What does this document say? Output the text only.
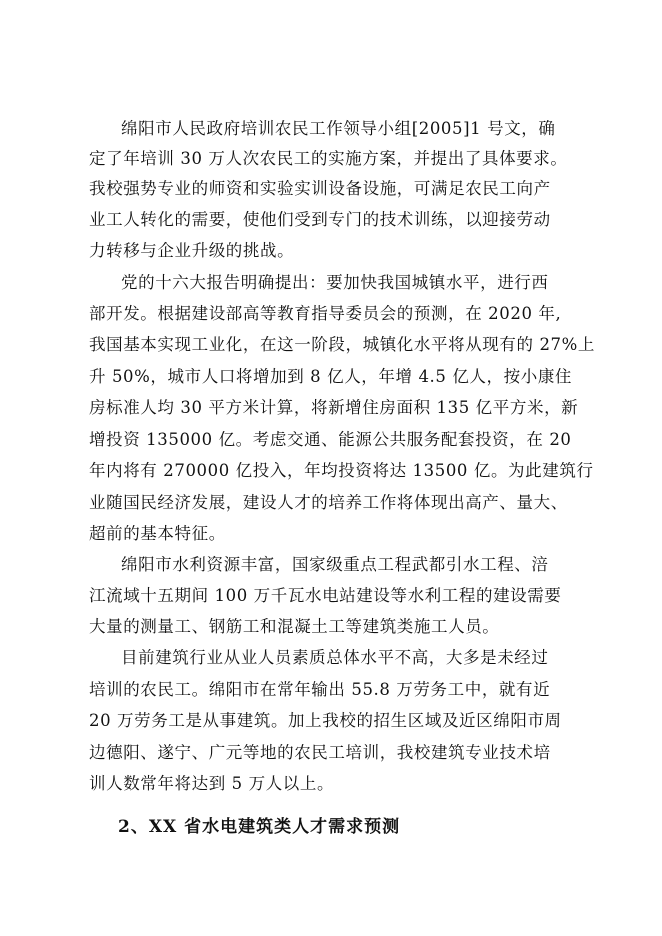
绵阳市人民政府培训农民工作领导小组[2005]1 号文，确
定了年培训 30 万人次农民工的实施方案，并提出了具体要求。
我校强势专业的师资和实验实训设备设施，可满足农民工向产
业工人转化的需要，使他们受到专门的技术训练，以迎接劳动
力转移与企业升级的挑战。
党的十六大报告明确提出：要加快我国城镇水平，进行西
部开发。根据建设部高等教育指导委员会的预测，在 2020 年,
我国基本实现工业化，在这一阶段，城镇化水平将从现有的 27%上
升 50%，城市人口将增加到 8 亿人，年增 4.5 亿人，按小康住
房标准人均 30 平方米计算，将新增住房面积 135 亿平方米，新
增投资 135000 亿。考虑交通、能源公共服务配套投资，在 20
年内将有 270000 亿投入，年均投资将达 13500 亿。为此建筑行
业随国民经济发展，建设人才的培养工作将体现出高产、量大、
超前的基本特征。
绵阳市水利资源丰富，国家级重点工程武都引水工程、涪
江流域十五期间 100 万千瓦水电站建设等水利工程的建设需要
大量的测量工、钢筋工和混凝土工等建筑类施工人员。
目前建筑行业从业人员素质总体水平不高，大多是未经过
培训的农民工。绵阳市在常年输出 55.8 万劳务工中，就有近
20 万劳务工是从事建筑。加上我校的招生区域及近区绵阳市周
边德阳、遂宁、广元等地的农民工培训，我校建筑专业技术培
训人数常年将达到 5 万人以上。
2、XX 省水电建筑类人才需求预测
